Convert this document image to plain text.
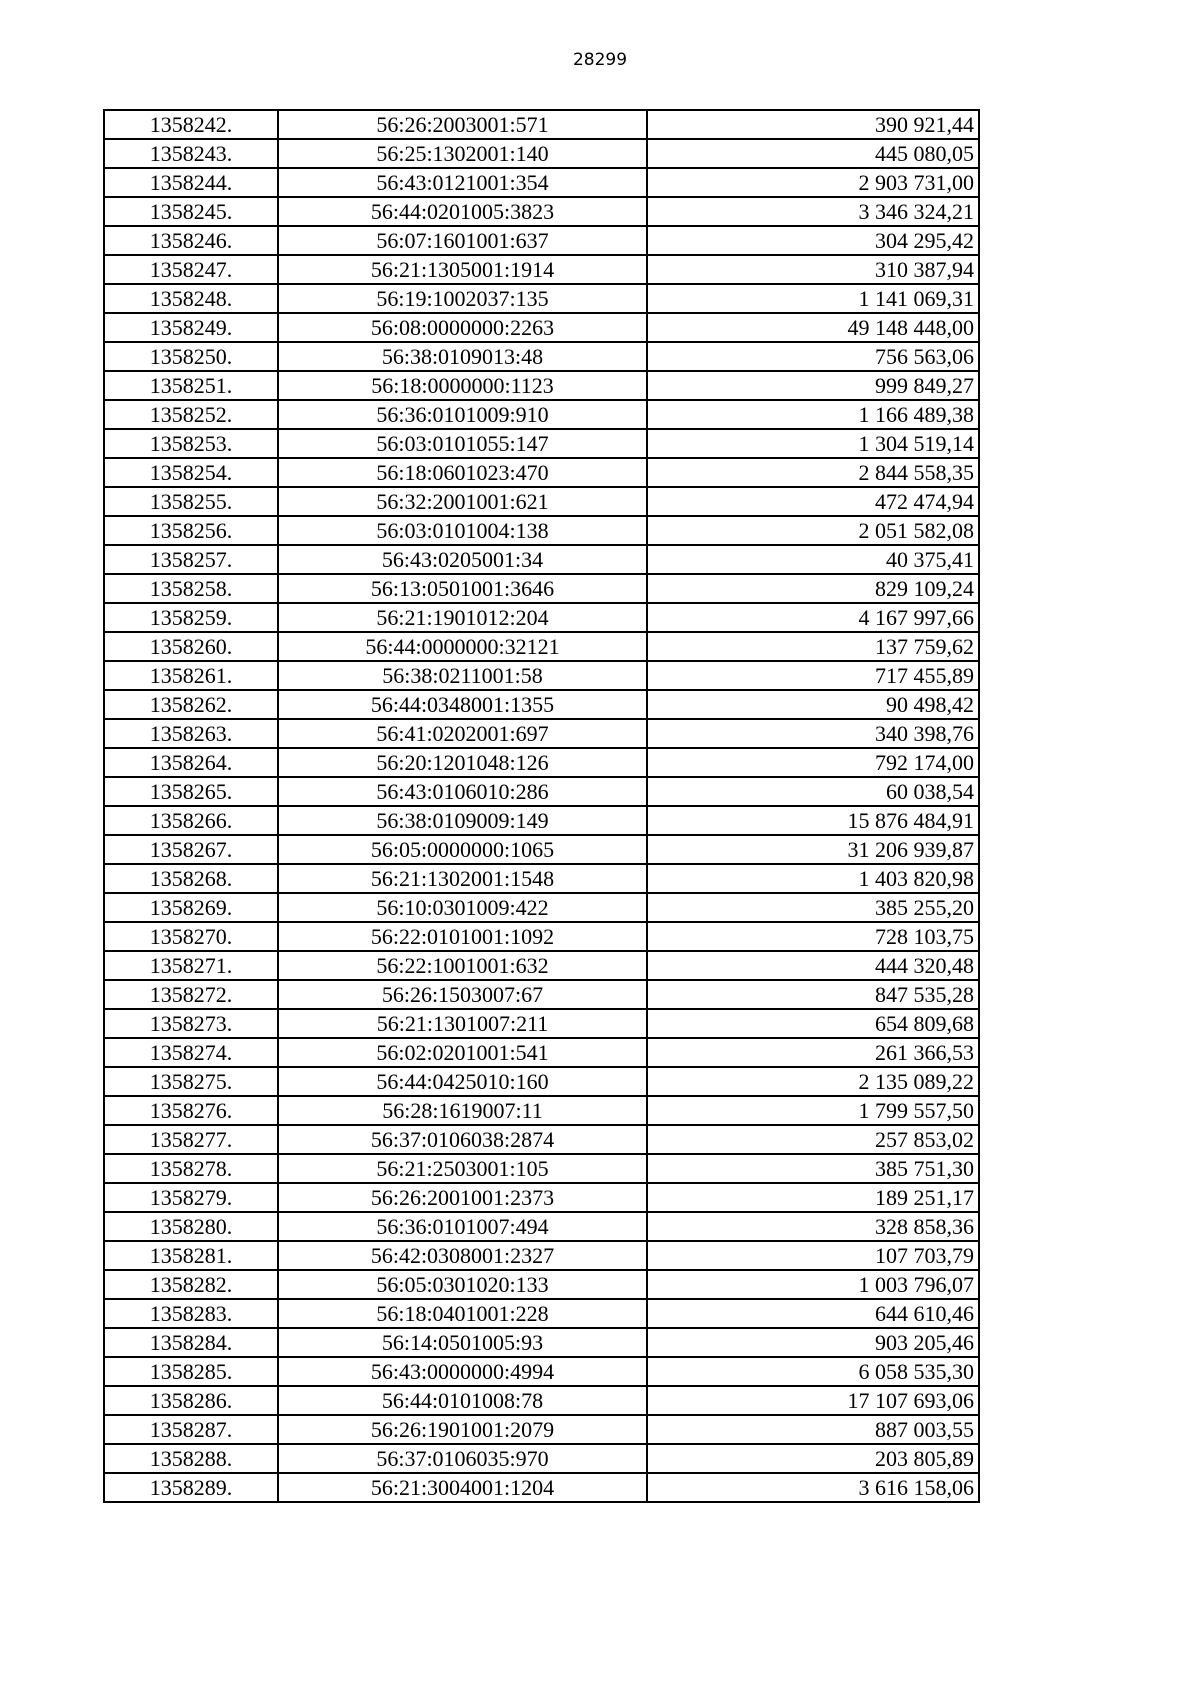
28299
1358242.	56:26:2003001:571	390 921,44
1358243.	56:25:1302001:140	445 080,05
1358244.	56:43:0121001:354	2 903 731,00
1358245.	56:44:0201005:3823	3 346 324,21
1358246.	56:07:1601001:637	304 295,42
1358247.	56:21:1305001:1914	310 387,94
1358248.	56:19:1002037:135	1 141 069,31
1358249.	56:08:0000000:2263	49 148 448,00
1358250.	56:38:0109013:48	756 563,06
1358251.	56:18:0000000:1123	999 849,27
1358252.	56:36:0101009:910	1 166 489,38
1358253.	56:03:0101055:147	1 304 519,14
1358254.	56:18:0601023:470	2 844 558,35
1358255.	56:32:2001001:621	472 474,94
1358256.	56:03:0101004:138	2 051 582,08
1358257.	56:43:0205001:34	40 375,41
1358258.	56:13:0501001:3646	829 109,24
1358259.	56:21:1901012:204	4 167 997,66
1358260.	56:44:0000000:32121	137 759,62
1358261.	56:38:0211001:58	717 455,89
1358262.	56:44:0348001:1355	90 498,42
1358263.	56:41:0202001:697	340 398,76
1358264.	56:20:1201048:126	792 174,00
1358265.	56:43:0106010:286	60 038,54
1358266.	56:38:0109009:149	15 876 484,91
1358267.	56:05:0000000:1065	31 206 939,87
1358268.	56:21:1302001:1548	1 403 820,98
1358269.	56:10:0301009:422	385 255,20
1358270.	56:22:0101001:1092	728 103,75
1358271.	56:22:1001001:632	444 320,48
1358272.	56:26:1503007:67	847 535,28
1358273.	56:21:1301007:211	654 809,68
1358274.	56:02:0201001:541	261 366,53
1358275.	56:44:0425010:160	2 135 089,22
1358276.	56:28:1619007:11	1 799 557,50
1358277.	56:37:0106038:2874	257 853,02
1358278.	56:21:2503001:105	385 751,30
1358279.	56:26:2001001:2373	189 251,17
1358280.	56:36:0101007:494	328 858,36
1358281.	56:42:0308001:2327	107 703,79
1358282.	56:05:0301020:133	1 003 796,07
1358283.	56:18:0401001:228	644 610,46
1358284.	56:14:0501005:93	903 205,46
1358285.	56:43:0000000:4994	6 058 535,30
1358286.	56:44:0101008:78	17 107 693,06
1358287.	56:26:1901001:2079	887 003,55
1358288.	56:37:0106035:970	203 805,89
1358289.	56:21:3004001:1204	3 616 158,06
